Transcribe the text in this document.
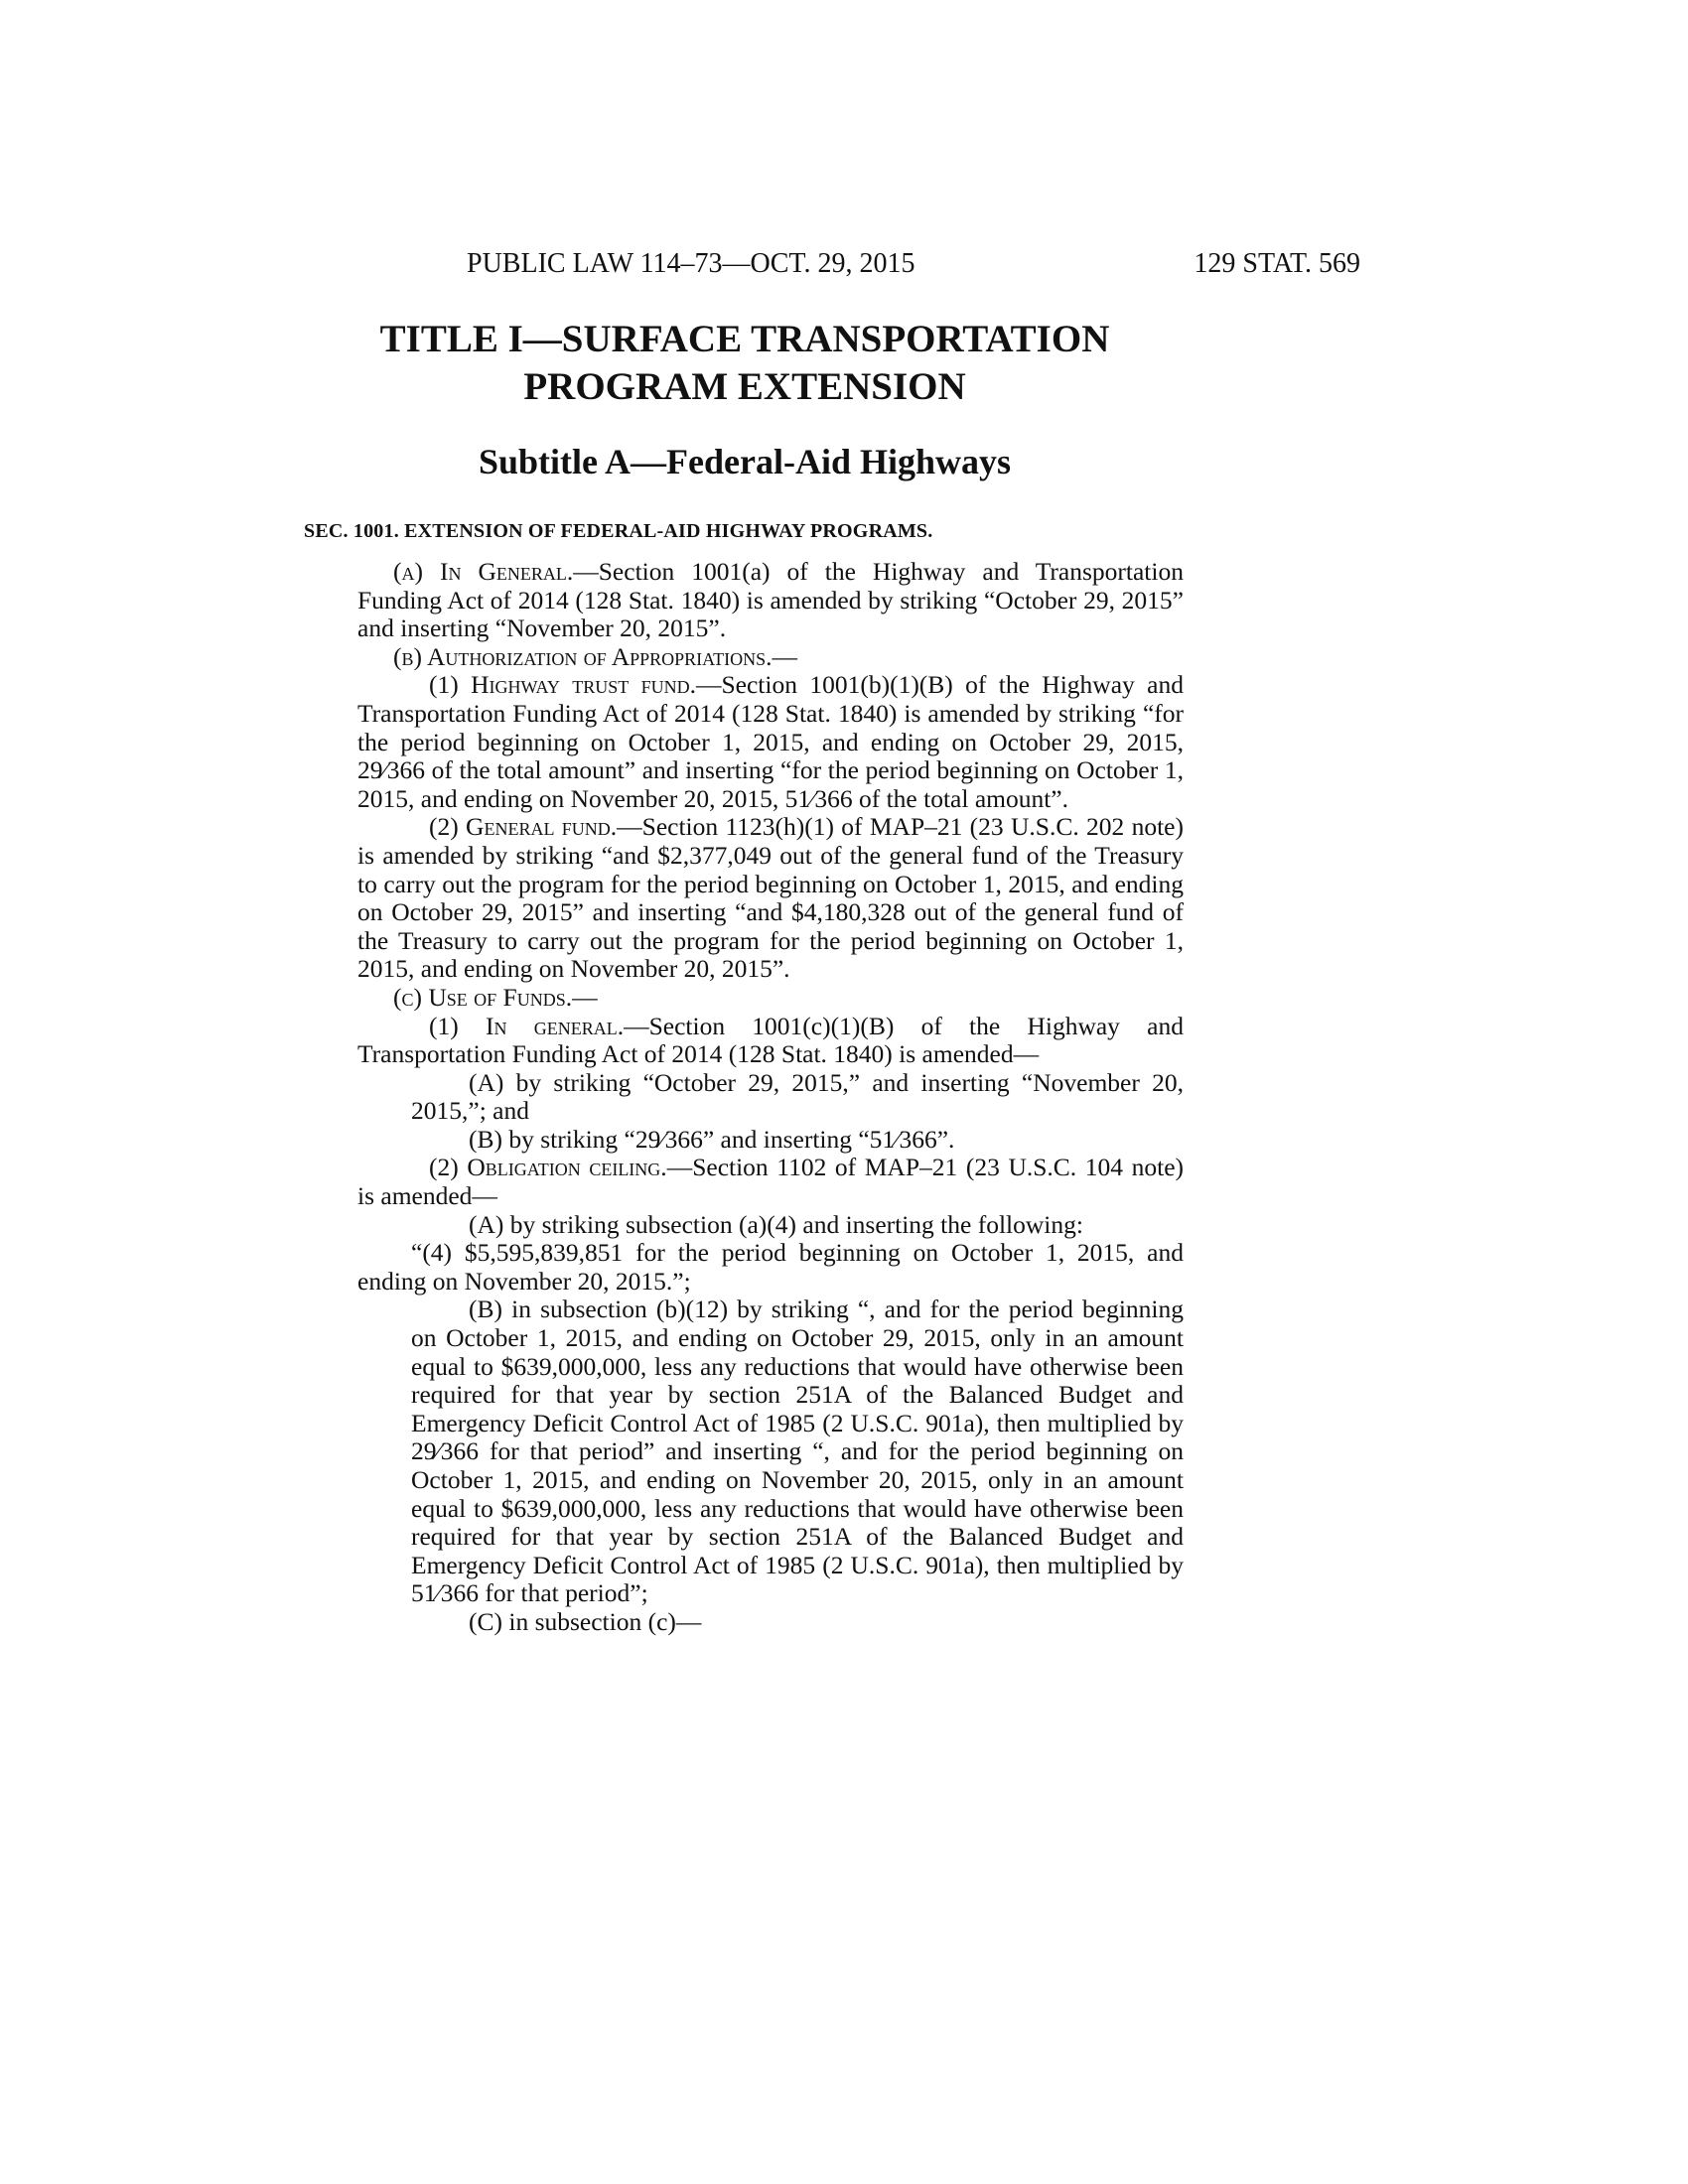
PUBLIC LAW 114–73—OCT. 29, 2015	129 STAT. 569
TITLE I—SURFACE TRANSPORTATION
PROGRAM EXTENSION
Subtitle A—Federal-Aid Highways
SEC. 1001. EXTENSION OF FEDERAL-AID HIGHWAY PROGRAMS.

(a) In General.—Section 1001(a) of the Highway and Transportation Funding Act of 2014 (128 Stat. 1840) is amended by striking “October 29, 2015” and inserting “November 20, 2015”.

(b) Authorization of Appropriations.—

(1) Highway trust fund.—Section 1001(b)(1)(B) of the Highway and Transportation Funding Act of 2014 (128 Stat. 1840) is amended by striking “for the period beginning on October 1, 2015, and ending on October 29, 2015, 29⁄366 of the total amount” and inserting “for the period beginning on October 1, 2015, and ending on November 20, 2015, 51⁄366 of the total amount”.

(2) General fund.—Section 1123(h)(1) of MAP–21 (23 U.S.C. 202 note) is amended by striking “and $2,377,049 out of the general fund of the Treasury to carry out the program for the period beginning on October 1, 2015, and ending on October 29, 2015” and inserting “and $4,180,328 out of the general fund of the Treasury to carry out the program for the period beginning on October 1, 2015, and ending on November 20, 2015”.

(c) Use of Funds.—

(1) In general.—Section 1001(c)(1)(B) of the Highway and Transportation Funding Act of 2014 (128 Stat. 1840) is amended—

(A) by striking “October 29, 2015,” and inserting “November 20, 2015,”; and

(B) by striking “29⁄366” and inserting “51⁄366”.

(2) Obligation ceiling.—Section 1102 of MAP–21 (23 U.S.C. 104 note) is amended—

(A) by striking subsection (a)(4) and inserting the following:

“(4) $5,595,839,851 for the period beginning on October 1, 2015, and ending on November 20, 2015.”;

(B) in subsection (b)(12) by striking “, and for the period beginning on October 1, 2015, and ending on October 29, 2015, only in an amount equal to $639,000,000, less any reductions that would have otherwise been required for that year by section 251A of the Balanced Budget and Emergency Deficit Control Act of 1985 (2 U.S.C. 901a), then multiplied by 29⁄366 for that period” and inserting “, and for the period beginning on October 1, 2015, and ending on November 20, 2015, only in an amount equal to $639,000,000, less any reductions that would have otherwise been required for that year by section 251A of the Balanced Budget and Emergency Deficit Control Act of 1985 (2 U.S.C. 901a), then multiplied by 51⁄366 for that period”;

(C) in subsection (c)—
